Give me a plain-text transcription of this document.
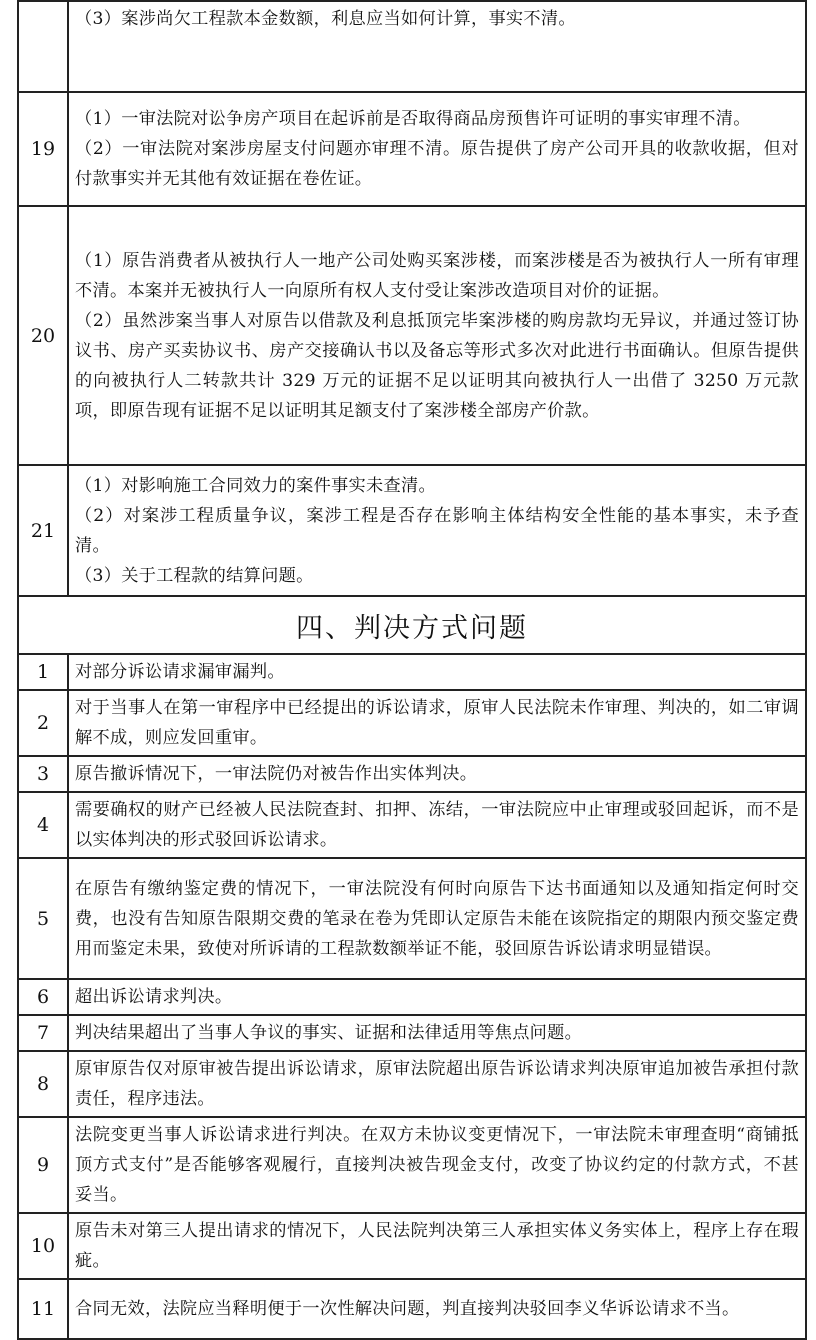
	（3）案涉尚欠工程款本金数额，利息应当如何计算，事实不清。

19	（1）一审法院对讼争房产项目在起诉前是否取得商品房预售许可证明的事实审理不清。

（2）一审法院对案涉房屋支付问题亦审理不清。原告提供了房产公司开具的收款收据，但对付款事实并无其他有效证据在卷佐证。

20	（1）原告消费者从被执行人一地产公司处购买案涉楼，而案涉楼是否为被执行人一所有审理不清。本案并无被执行人一向原所有权人支付受让案涉改造项目对价的证据。

（2）虽然涉案当事人对原告以借款及利息抵顶完毕案涉楼的购房款均无异议，并通过签订协议书、房产买卖协议书、房产交接确认书以及备忘等形式多次对此进行书面确认。但原告提供的向被执行人二转款共计 329 万元的证据不足以证明其向被执行人一出借了 3250 万元款项，即原告现有证据不足以证明其足额支付了案涉楼全部房产价款。

21	（1）对影响施工合同效力的案件事实未查清。

（2）对案涉工程质量争议，案涉工程是否存在影响主体结构安全性能的基本事实，未予查清。

（3）关于工程款的结算问题。

四、判决方式问题	
1	对部分诉讼请求漏审漏判。
2	对于当事人在第一审程序中已经提出的诉讼请求，原审人民法院未作审理、判决的，如二审调解不成，则应发回重审。
3	原告撤诉情况下，一审法院仍对被告作出实体判决。
4	需要确权的财产已经被人民法院查封、扣押、冻结，一审法院应中止审理或驳回起诉，而不是以实体判决的形式驳回诉讼请求。
5	在原告有缴纳鉴定费的情况下，一审法院没有何时向原告下达书面通知以及通知指定何时交费，也没有告知原告限期交费的笔录在卷为凭即认定原告未能在该院指定的期限内预交鉴定费用而鉴定未果，致使对所诉请的工程款数额举证不能，驳回原告诉讼请求明显错误。
6	超出诉讼请求判决。
7	判决结果超出了当事人争议的事实、证据和法律适用等焦点问题。
8	原审原告仅对原审被告提出诉讼请求，原审法院超出原告诉讼请求判决原审追加被告承担付款责任，程序违法。
9	法院变更当事人诉讼请求进行判决。在双方未协议变更情况下，一审法院未审理查明“商铺抵顶方式支付”是否能够客观履行，直接判决被告现金支付，改变了协议约定的付款方式，不甚妥当。
10	原告未对第三人提出请求的情况下，人民法院判决第三人承担实体义务实体上，程序上存在瑕疵。
11	合同无效，法院应当释明便于一次性解决问题，判直接判决驳回李义华诉讼请求不当。
